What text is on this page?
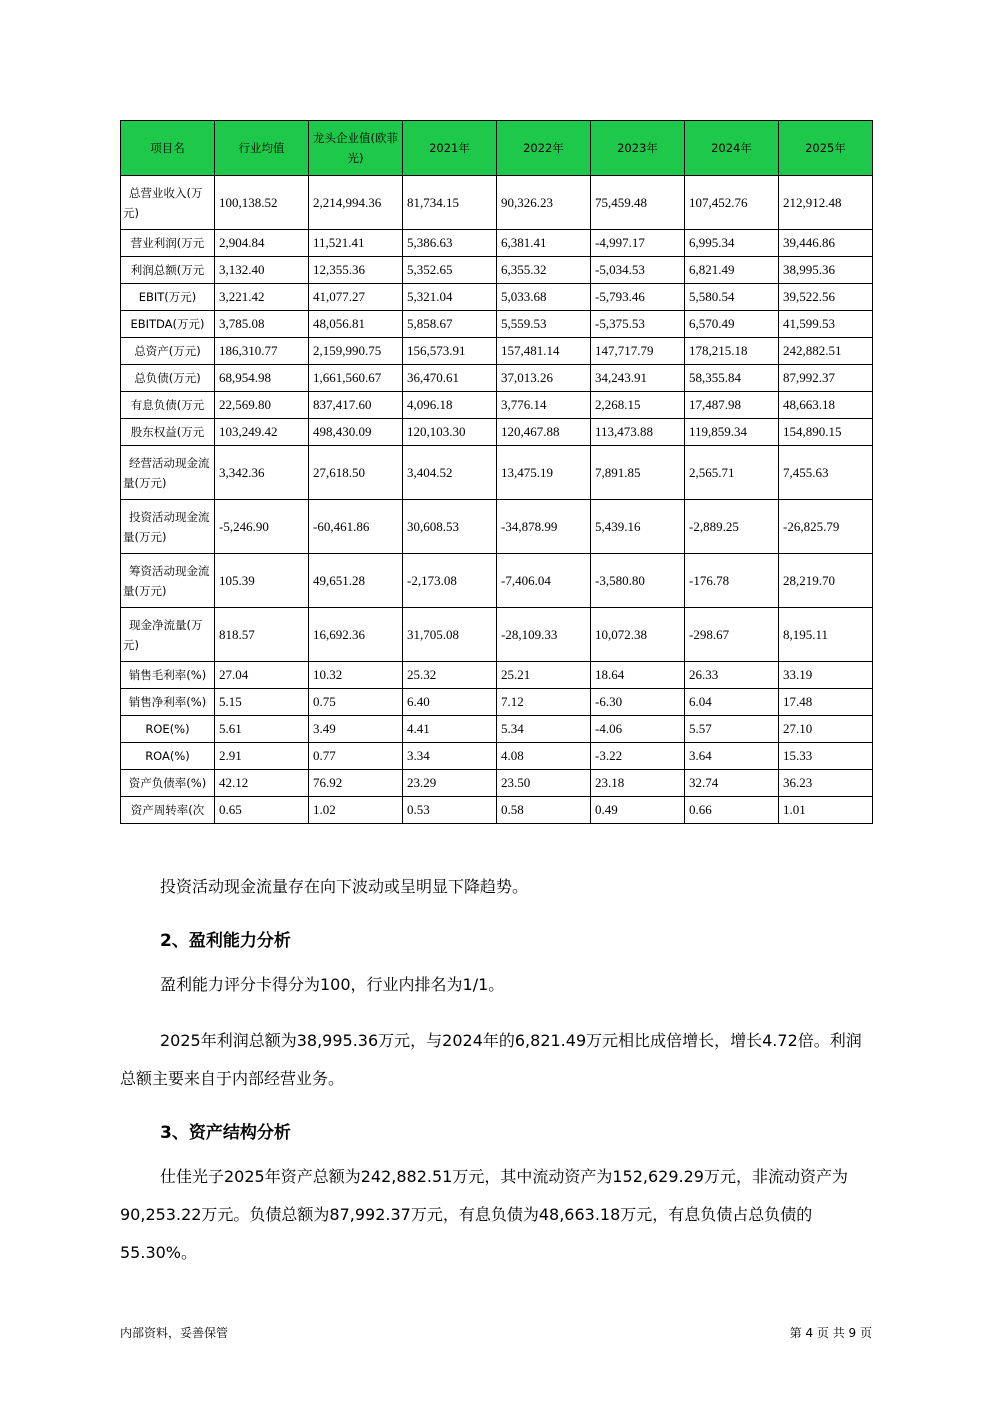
项目名	行业均值	龙头企业值(欧菲光)	2021年	2022年	2023年	2024年	2025年
总营业收入(万元)	100,138.52	2,214,994.36	81,734.15	90,326.23	75,459.48	107,452.76	212,912.48
营业利润(万元	2,904.84	11,521.41	5,386.63	6,381.41	-4,997.17	6,995.34	39,446.86
利润总额(万元	3,132.40	12,355.36	5,352.65	6,355.32	-5,034.53	6,821.49	38,995.36
EBIT(万元)	3,221.42	41,077.27	5,321.04	5,033.68	-5,793.46	5,580.54	39,522.56
EBITDA(万元)	3,785.08	48,056.81	5,858.67	5,559.53	-5,375.53	6,570.49	41,599.53
总资产(万元)	186,310.77	2,159,990.75	156,573.91	157,481.14	147,717.79	178,215.18	242,882.51
总负债(万元)	68,954.98	1,661,560.67	36,470.61	37,013.26	34,243.91	58,355.84	87,992.37
有息负债(万元	22,569.80	837,417.60	4,096.18	3,776.14	2,268.15	17,487.98	48,663.18
股东权益(万元	103,249.42	498,430.09	120,103.30	120,467.88	113,473.88	119,859.34	154,890.15
经营活动现金流量(万元)	3,342.36	27,618.50	3,404.52	13,475.19	7,891.85	2,565.71	7,455.63
投资活动现金流量(万元)	-5,246.90	-60,461.86	30,608.53	-34,878.99	5,439.16	-2,889.25	-26,825.79
筹资活动现金流量(万元)	105.39	49,651.28	-2,173.08	-7,406.04	-3,580.80	-176.78	28,219.70
现金净流量(万元)	818.57	16,692.36	31,705.08	-28,109.33	10,072.38	-298.67	8,195.11
销售毛利率(%)	27.04	10.32	25.32	25.21	18.64	26.33	33.19
销售净利率(%)	5.15	0.75	6.40	7.12	-6.30	6.04	17.48
ROE(%)	5.61	3.49	4.41	5.34	-4.06	5.57	27.10
ROA(%)	2.91	0.77	3.34	4.08	-3.22	3.64	15.33
资产负债率(%)	42.12	76.92	23.29	23.50	23.18	32.74	36.23
资产周转率(次	0.65	1.02	0.53	0.58	0.49	0.66	1.01
投资活动现金流量存在向下波动或呈明显下降趋势。
2、盈利能力分析
盈利能力评分卡得分为100，行业内排名为1/1。
2025年利润总额为38,995.36万元，与2024年的6,821.49万元相比成倍增长，增长4.72倍。利润总额主要来自于内部经营业务。
3、资产结构分析
仕佳光子2025年资产总额为242,882.51万元，其中流动资产为152,629.29万元，非流动资产为90,253.22万元。负债总额为87,992.37万元，有息负债为48,663.18万元，有息负债占总负债的55.30%。
内部资料，妥善保管	第 4 页 共 9 页
